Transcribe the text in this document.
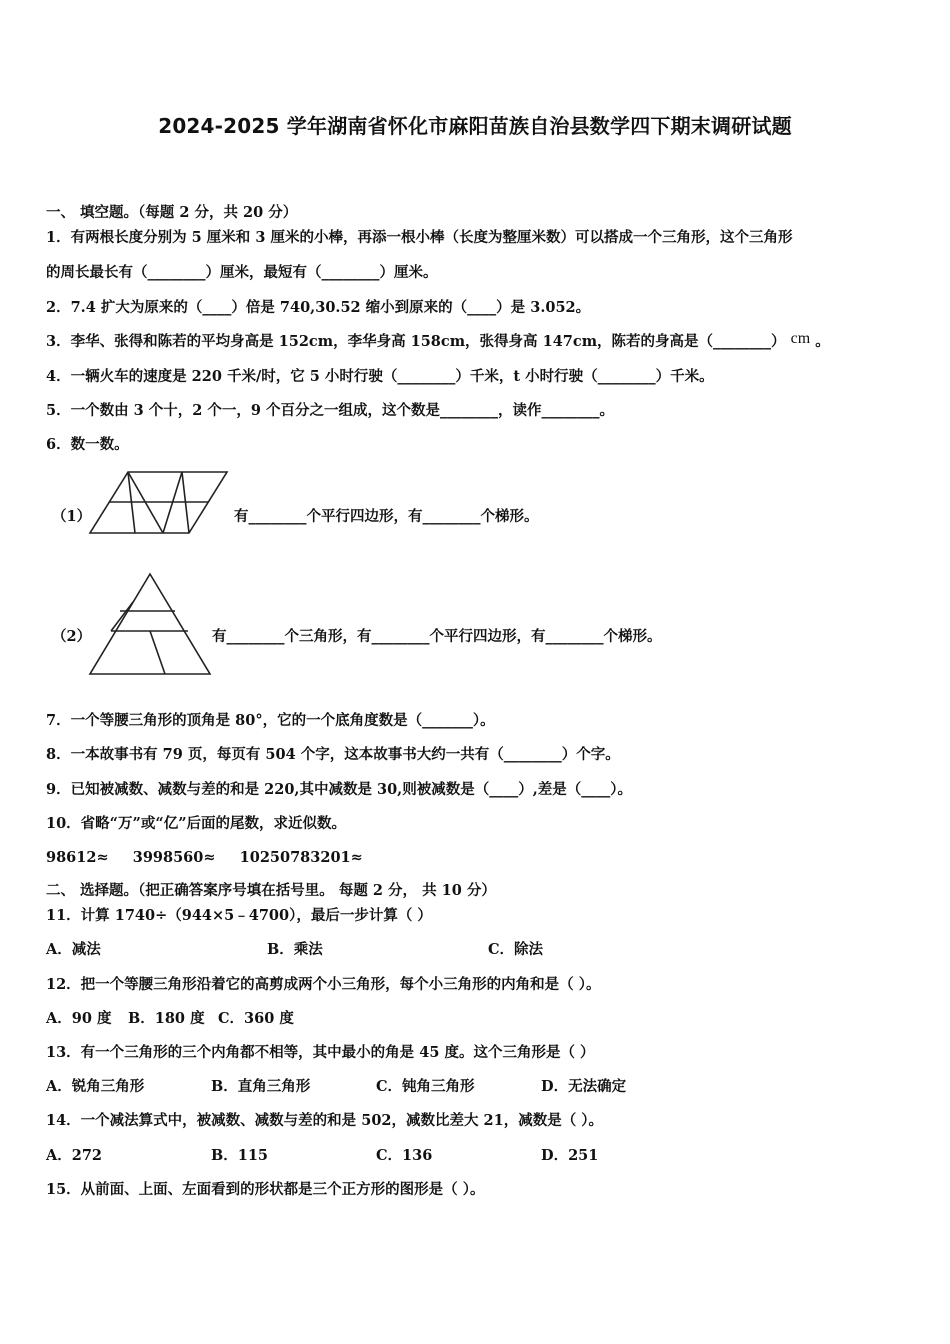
2024-2025 学年湖南省怀化市麻阳苗族自治县数学四下期末调研试题
一、 填空题。（每题 2 分，共 20 分）
1．有两根长度分别为 5 厘米和 3 厘米的小棒，再添一根小棒（长度为整厘米数）可以搭成一个三角形，这个三角形
的周长最长有（________）厘米，最短有（________）厘米。
2．7.4 扩大为原来的（____）倍是 740,30.52 缩小到原来的（____）是 3.052。
3．李华、张得和陈若的平均身高是 152cm，李华身高 158cm，张得身高 147cm，陈若的身高是（________） cm 。
4．一辆火车的速度是 220 千米/时，它 5 小时行驶（________）千米，t 小时行驶（________）千米。
5．一个数由 3 个十，2 个一，9 个百分之一组成，这个数是________，读作________。
6．数一数。
（1）	有________个平行四边形，有________个梯形。
（2）	有________个三角形，有________个平行四边形，有________个梯形。
7．一个等腰三角形的顶角是 80°，它的一个底角度数是（_______）。
8．一本故事书有 79 页，每页有 504 个字，这本故事书大约一共有（________）个字。
9．已知被减数、减数与差的和是 220,其中减数是 30,则被减数是（____）,差是（____）。
10．省略“万”或“亿”后面的尾数，求近似数。
98612≈ 3998560≈ 10250783201≈
二、 选择题。（把正确答案序号填在括号里。 每题 2 分， 共 10 分）
11．计算 1740÷（944×5﹣4700），最后一步计算（ ）
A．减法	B．乘法	C．除法
12．把一个等腰三角形沿着它的高剪成两个小三角形，每个小三角形的内角和是（ ）。
A．90 度 B．180 度 C．360 度
13．有一个三角形的三个内角都不相等，其中最小的角是 45 度。这个三角形是（ ）
A．锐角三角形	B．直角三角形	C．钝角三角形	D．无法确定
14．一个减法算式中，被减数、减数与差的和是 502，减数比差大 21，减数是（ ）。
A．272	B．115	C．136	D．251
15．从前面、上面、左面看到的形状都是三个正方形的图形是（ ）。
